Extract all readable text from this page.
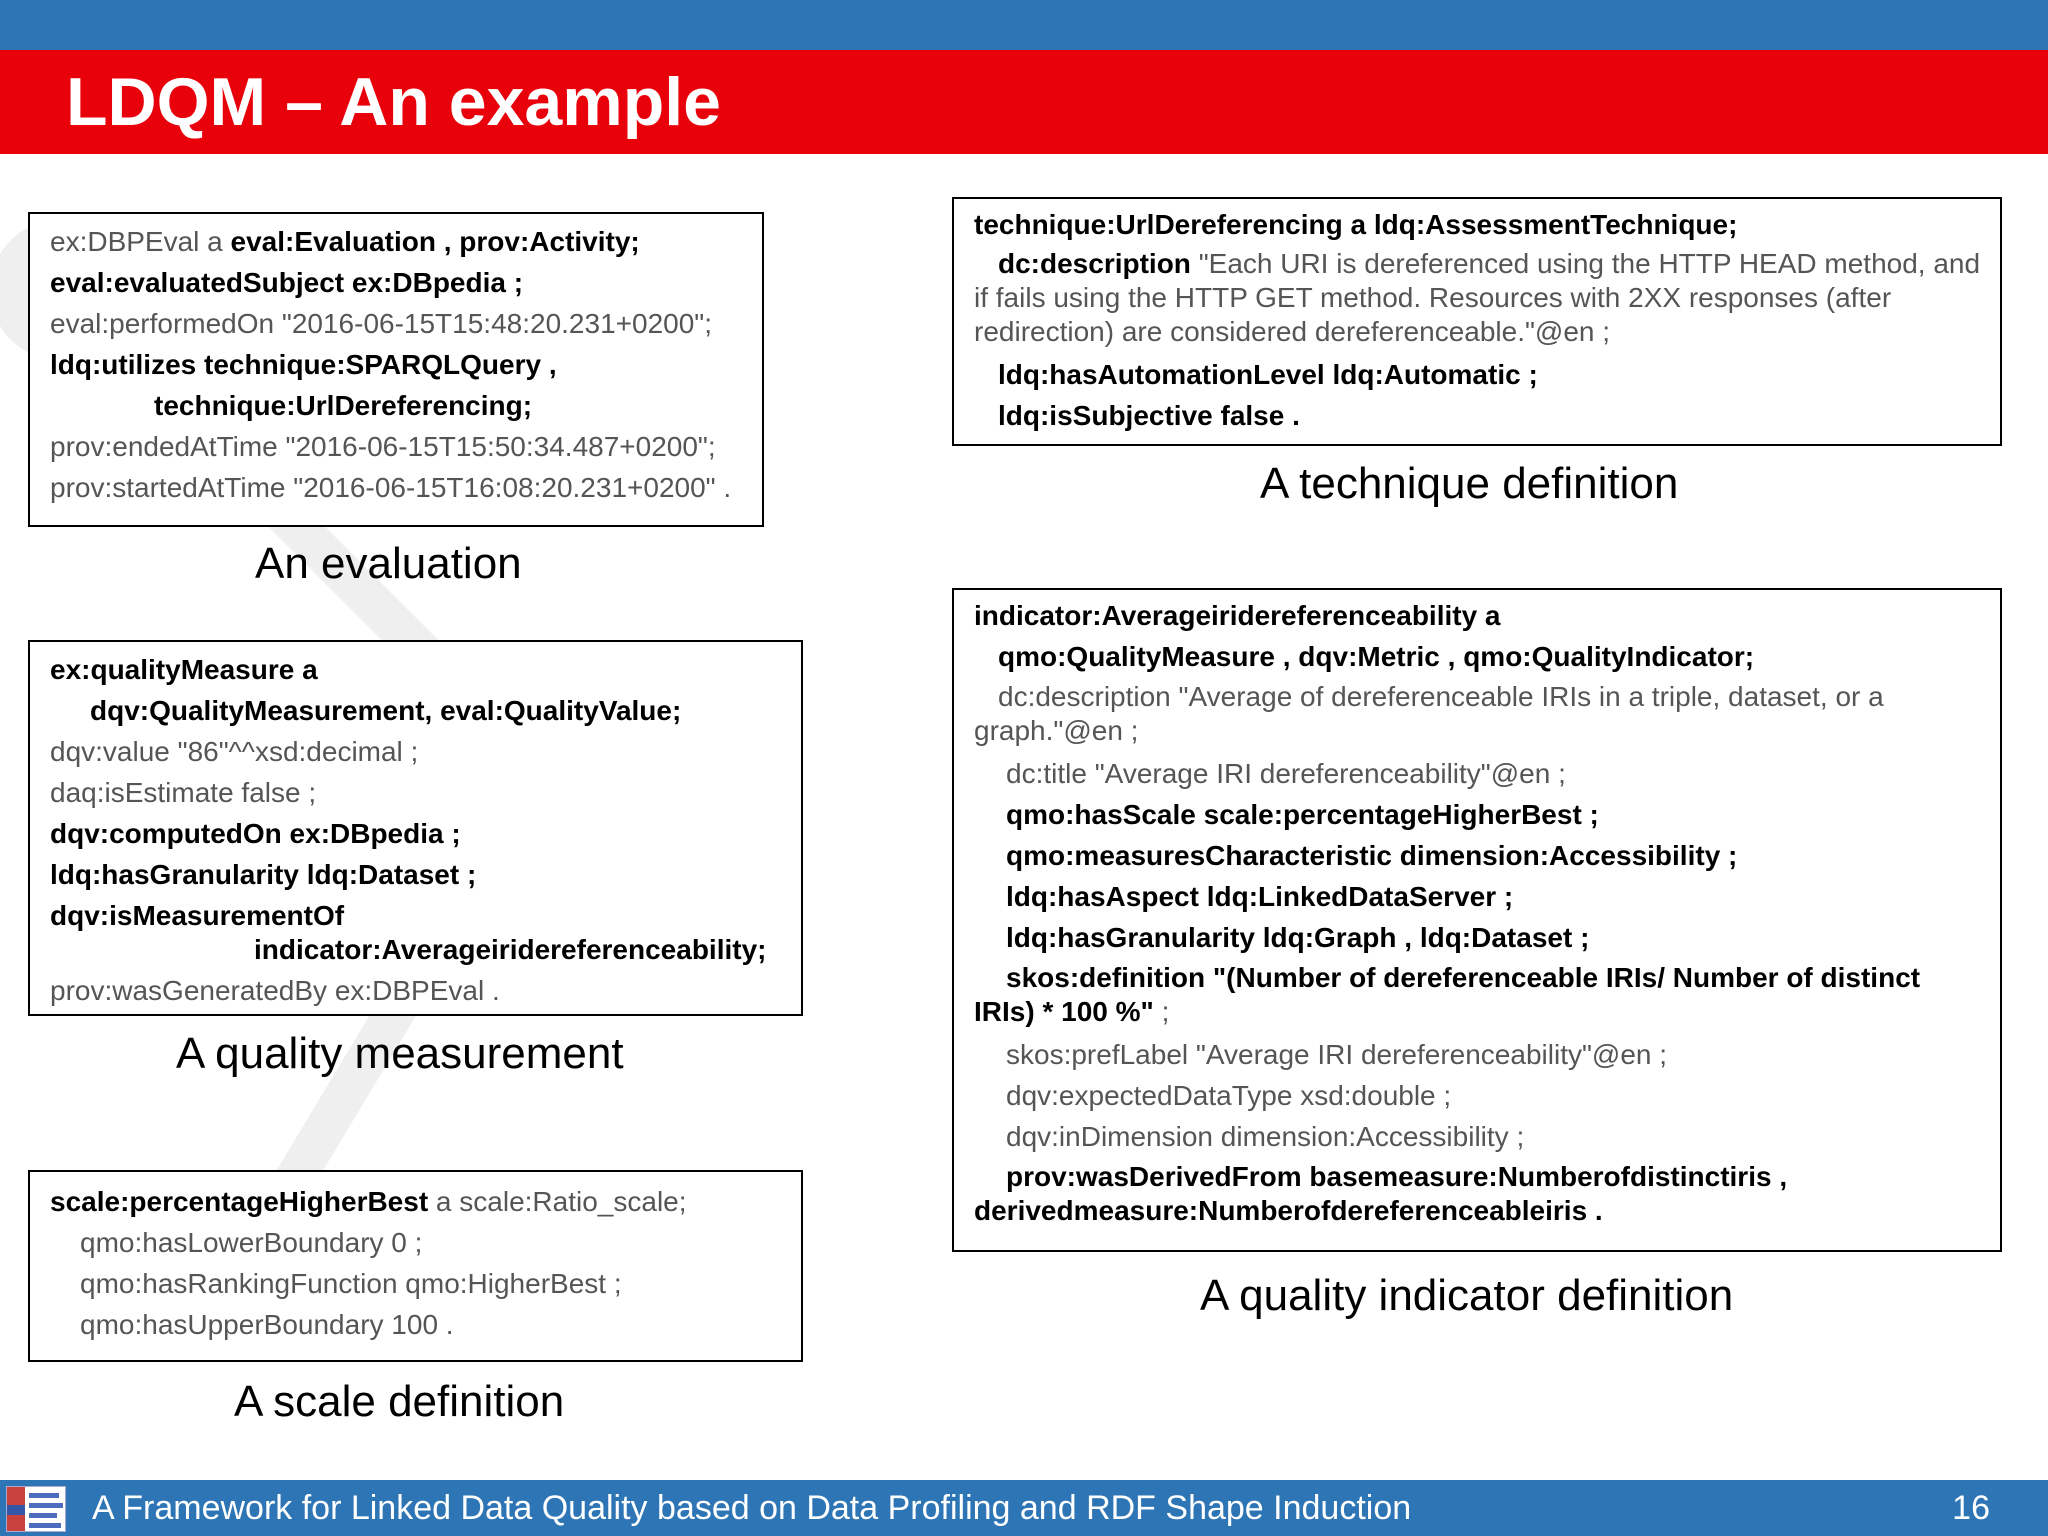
LDQM – An example
ex:DBPEval a eval:Evaluation , prov:Activity;
eval:evaluatedSubject ex:DBpedia ;
eval:performedOn "2016-06-15T15:48:20.231+0200";
ldq:utilizes technique:SPARQLQuery ,
technique:UrlDereferencing;
prov:endedAtTime "2016-06-15T15:50:34.487+0200";
prov:startedAtTime "2016-06-15T16:08:20.231+0200" .
An evaluation
ex:qualityMeasure a
dqv:QualityMeasurement, eval:QualityValue;
dqv:value "86"^^xsd:decimal ;
daq:isEstimate false ;
dqv:computedOn ex:DBpedia ;
ldq:hasGranularity ldq:Dataset ;
dqv:isMeasurementOf
indicator:Averageiridereferenceability;
prov:wasGeneratedBy ex:DBPEval .
A quality measurement
scale:percentageHigherBest a scale:Ratio_scale;
qmo:hasLowerBoundary 0 ;
qmo:hasRankingFunction qmo:HigherBest ;
qmo:hasUpperBoundary 100 .
A scale definition
technique:UrlDereferencing a ldq:AssessmentTechnique;
dc:description "Each URI is dereferenced using the HTTP HEAD method, and if fails using the HTTP GET method. Resources with 2XX responses (after redirection) are considered dereferenceable."@en ;
ldq:hasAutomationLevel ldq:Automatic ;
ldq:isSubjective false .
A technique definition
indicator:Averageiridereferenceability a
qmo:QualityMeasure , dqv:Metric , qmo:QualityIndicator;
dc:description "Average of dereferenceable IRIs in a triple, dataset, or a graph."@en ;
dc:title "Average IRI dereferenceability"@en ;
qmo:hasScale scale:percentageHigherBest ;
qmo:measuresCharacteristic dimension:Accessibility ;
ldq:hasAspect ldq:LinkedDataServer ;
ldq:hasGranularity ldq:Graph , ldq:Dataset ;
skos:definition "(Number of dereferenceable IRIs/ Number of distinct IRIs) * 100 %" ;
skos:prefLabel "Average IRI dereferenceability"@en ;
dqv:expectedDataType xsd:double ;
dqv:inDimension dimension:Accessibility ;
prov:wasDerivedFrom basemeasure:Numberofdistinctiris , derivedmeasure:Numberofdereferenceableiris .
A quality indicator definition
A Framework for Linked Data Quality based on Data Profiling and RDF Shape Induction	16
